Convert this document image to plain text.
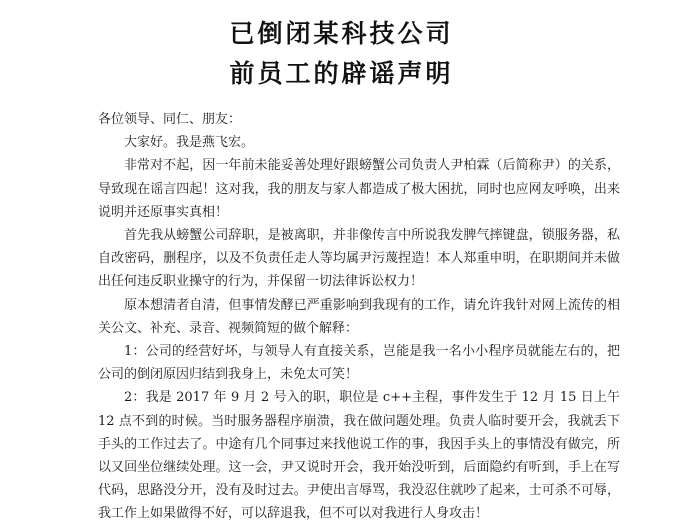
已倒闭某科技公司
前员工的辟谣声明

各位领导、同仁、朋友：

大家好。我是燕飞宏。

非常对不起，因一年前未能妥善处理好跟螃蟹公司负责人尹柏霖（后简称尹）的关系，导致现在谣言四起！这对我，我的朋友与家人都造成了极大困扰，同时也应网友呼唤，出来说明并还原事实真相！

首先我从螃蟹公司辞职，是被离职，并非像传言中所说我发脾气摔键盘，锁服务器，私自改密码，删程序，以及不负责任走人等均属尹污蔑捏造！本人郑重申明，在职期间并未做出任何违反职业操守的行为，并保留一切法律诉讼权力！

原本想清者自清，但事情发酵已严重影响到我现有的工作，请允许我针对网上流传的相关公文、补充、录音、视频简短的做个解释：

1：公司的经营好坏，与领导人有直接关系，岂能是我一名小小程序员就能左右的，把公司的倒闭原因归结到我身上，未免太可笑！

2：我是 2017 年 9 月 2 号入的职，职位是 c++主程，事件发生于 12 月 15 日上午 12 点不到的时候。当时服务器程序崩溃，我在做问题处理。负责人临时要开会，我就丢下手头的工作过去了。中途有几个同事过来找他说工作的事，我因手头上的事情没有做完，所以又回坐位继续处理。这一会，尹又说时开会，我开始没听到，后面隐约有听到，手上在写代码，思路没分开，没有及时过去。尹使出言辱骂，我没忍住就吵了起来，士可杀不可辱，我工作上如果做得不好，可以辞退我，但不可以对我进行人身攻击！
